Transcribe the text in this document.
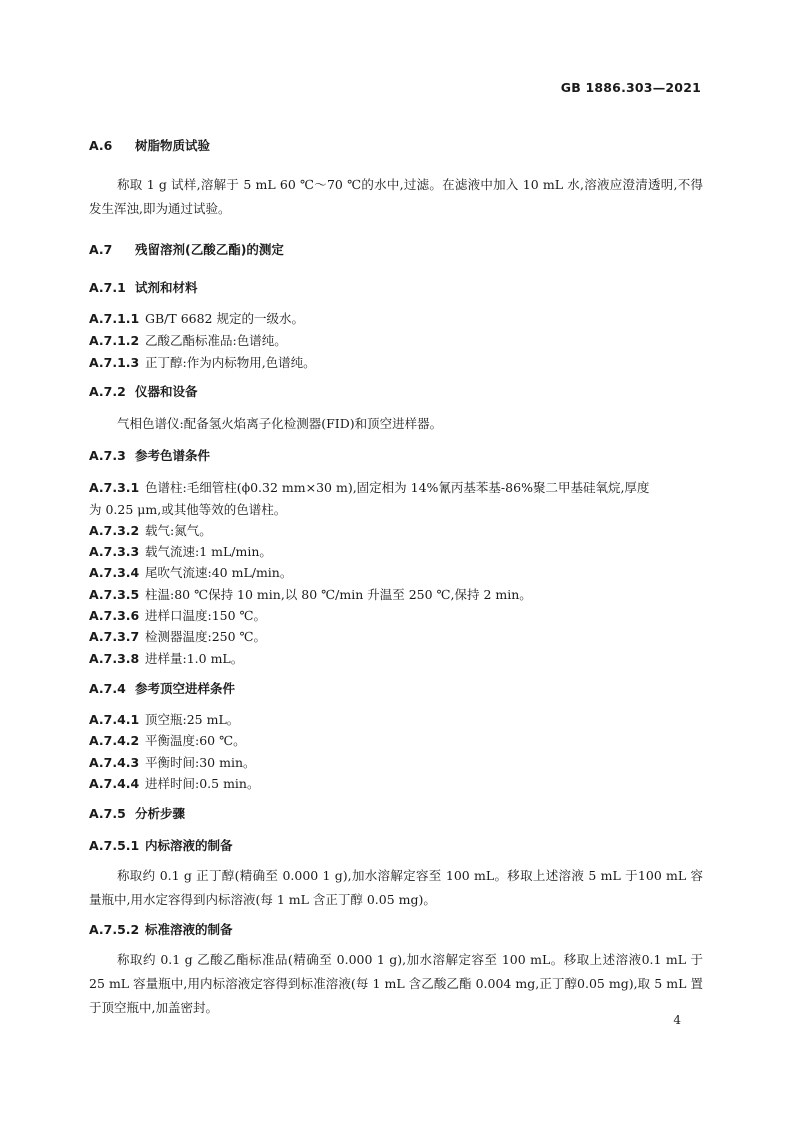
GB 1886.303—2021
A.6 树脂物质试验
称取 1 g 试样,溶解于 5 mL 60 ℃～70 ℃的水中,过滤。在滤液中加入 10 mL 水,溶液应澄清透明,不得发生浑浊,即为通过试验。
A.7 残留溶剂(乙酸乙酯)的测定
A.7.1 试剂和材料
A.7.1.1 GB/T 6682 规定的一级水。
A.7.1.2 乙酸乙酯标准品:色谱纯。
A.7.1.3 正丁醇:作为内标物用,色谱纯。
A.7.2 仪器和设备
气相色谱仪:配备氢火焰离子化检测器(FID)和顶空进样器。
A.7.3 参考色谱条件
A.7.3.1 色谱柱:毛细管柱(ϕ0.32 mm×30 m),固定相为 14%氰丙基苯基-86%聚二甲基硅氧烷,厚度
为 0.25 μm,或其他等效的色谱柱。
A.7.3.2 载气:氮气。
A.7.3.3 载气流速:1 mL/min。
A.7.3.4 尾吹气流速:40 mL/min。
A.7.3.5 柱温:80 ℃保持 10 min,以 80 ℃/min 升温至 250 ℃,保持 2 min。
A.7.3.6 进样口温度:150 ℃。
A.7.3.7 检测器温度:250 ℃。
A.7.3.8 进样量:1.0 mL。
A.7.4 参考顶空进样条件
A.7.4.1 顶空瓶:25 mL。
A.7.4.2 平衡温度:60 ℃。
A.7.4.3 平衡时间:30 min。
A.7.4.4 进样时间:0.5 min。
A.7.5 分析步骤
A.7.5.1 内标溶液的制备
称取约 0.1 g 正丁醇(精确至 0.000 1 g),加水溶解定容至 100 mL。移取上述溶液 5 mL 于100 mL 容量瓶中,用水定容得到内标溶液(每 1 mL 含正丁醇 0.05 mg)。
A.7.5.2 标准溶液的制备
称取约 0.1 g 乙酸乙酯标准品(精确至 0.000 1 g),加水溶解定容至 100 mL。移取上述溶液0.1 mL 于 25 mL 容量瓶中,用内标溶液定容得到标准溶液(每 1 mL 含乙酸乙酯 0.004 mg,正丁醇0.05 mg),取 5 mL 置于顶空瓶中,加盖密封。
4
